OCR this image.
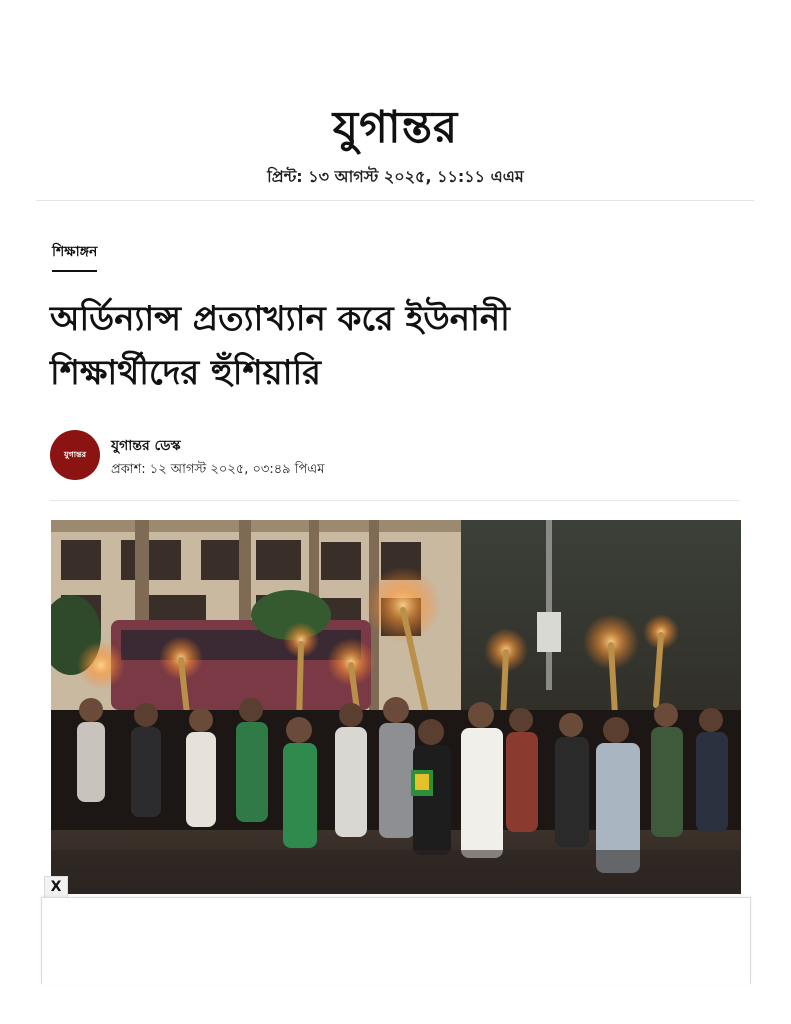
যুগান্তর
প্রিন্ট: ১৩ আগস্ট ২০২৫, ১১:১১ এএম
শিক্ষাঙ্গন
অর্ডিন্যান্স প্রত্যাখ্যান করে ইউনানী শিক্ষার্থীদের হুঁশিয়ারি
যুগান্তর	যুগান্তর ডেস্ক
প্রকাশ: ১২ আগস্ট ২০২৫, ০৩:৪৯ পিএম
X
